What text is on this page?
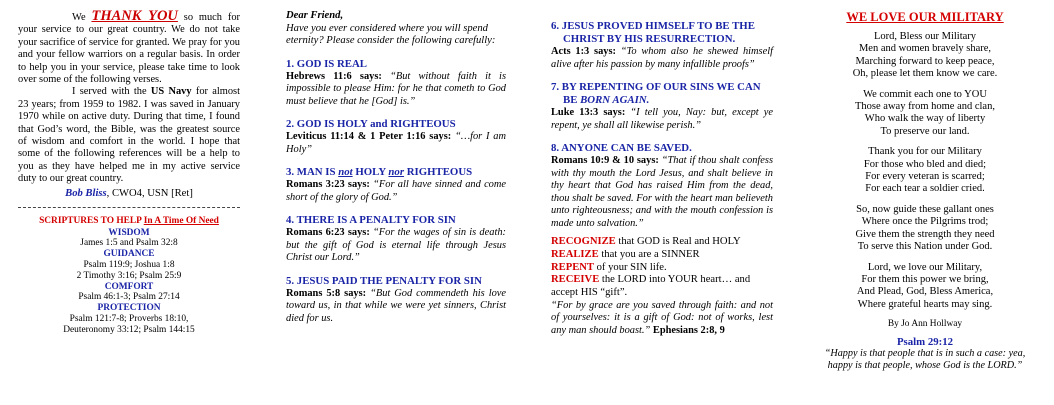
We THANK YOU so much for your service to our great country. We do not take your sacrifice of service for granted. We pray for you and your fellow warriors on a regular basis. In order to help you in your service, please take time to look over some of the following verses.

I served with the US Navy for almost 23 years; from 1959 to 1982. I was saved in January 1970 while on active duty. During that time, I found that God’s word, the Bible, was the greatest source of wisdom and comfort in the world. I hope that some of the following references will be a help to you as they have helped me in my active service duty to our great country.

Bob Bliss, CWO4, USN [Ret]

SCRIPTURES TO HELP In A Time Of Need

WISDOM

James 1:5 and Psalm 32:8

GUIDANCE

Psalm 119:9; Joshua 1:8

2 Timothy 3:16; Psalm 25:9

COMFORT

Psalm 46:1-3; Psalm 27:14

PROTECTION

Psalm 121:7-8; Proverbs 18:10,

Deuteronomy 33:12; Psalm 144:15

Dear Friend,

Have you ever considered where you will spend eternity? Please consider the following carefully:

1. GOD IS REAL

Hebrews 11:6 says: “But without faith it is impossible to please Him: for he that cometh to God must believe that he [God] is.”

2. GOD IS HOLY and RIGHTEOUS

Leviticus 11:14 & 1 Peter 1:16 says: “…for I am Holy”

3. MAN IS not HOLY nor RIGHTEOUS

Romans 3:23 says: “For all have sinned and come short of the glory of God.”

4. THERE IS A PENALTY FOR SIN

Romans 6:23 says: “For the wages of sin is death: but the gift of God is eternal life through Jesus Christ our Lord.”

5. JESUS PAID THE PENALTY FOR SIN

Romans 5:8 says: “But God commendeth his love toward us, in that while we were yet sinners, Christ died for us.

6. JESUS PROVED HIMSELF TO BE THE CHRIST BY HIS RESURRECTION.

Acts 1:3 says: “To whom also he shewed himself alive after his passion by many infallible proofs”

7. BY REPENTING OF OUR SINS WE CAN BE BORN AGAIN.

Luke 13:3 says: “I tell you, Nay: but, except ye repent, ye shall all likewise perish.”

8. ANYONE CAN BE SAVED.

Romans 10:9 & 10 says: “That if thou shalt confess with thy mouth the Lord Jesus, and shalt believe in thy heart that God has raised Him from the dead, thou shalt be saved. For with the heart man believeth unto righteousness; and with the mouth confession is made unto salvation.”

RECOGNIZE that GOD is Real and HOLY

REALIZE that you are a SINNER

REPENT of your SIN life.

RECEIVE the LORD into YOUR heart… and accept HIS “gift”.

“For by grace are you saved through faith: and not of yourselves: it is a gift of God: not of works, lest any man should boast.” Ephesians 2:8, 9

WE LOVE OUR MILITARY

Lord, Bless our Military

Men and women bravely share,

Marching forward to keep peace,

Oh, please let them know we care.

We commit each one to YOU

Those away from home and clan,

Who walk the way of liberty

To preserve our land.

Thank you for our Military

For those who bled and died;

For every veteran is scarred;

For each tear a soldier cried.

So, now guide these gallant ones

Where once the Pilgrims trod;

Give them the strength they need

To serve this Nation under God.

Lord, we love our Military,

For them this power we bring,

And Plead, God, Bless America,

Where grateful hearts may sing.

By Jo Ann Hollway

Psalm 29:12

“Happy is that people that is in such a case: yea, happy is that people, whose God is the LORD.”
